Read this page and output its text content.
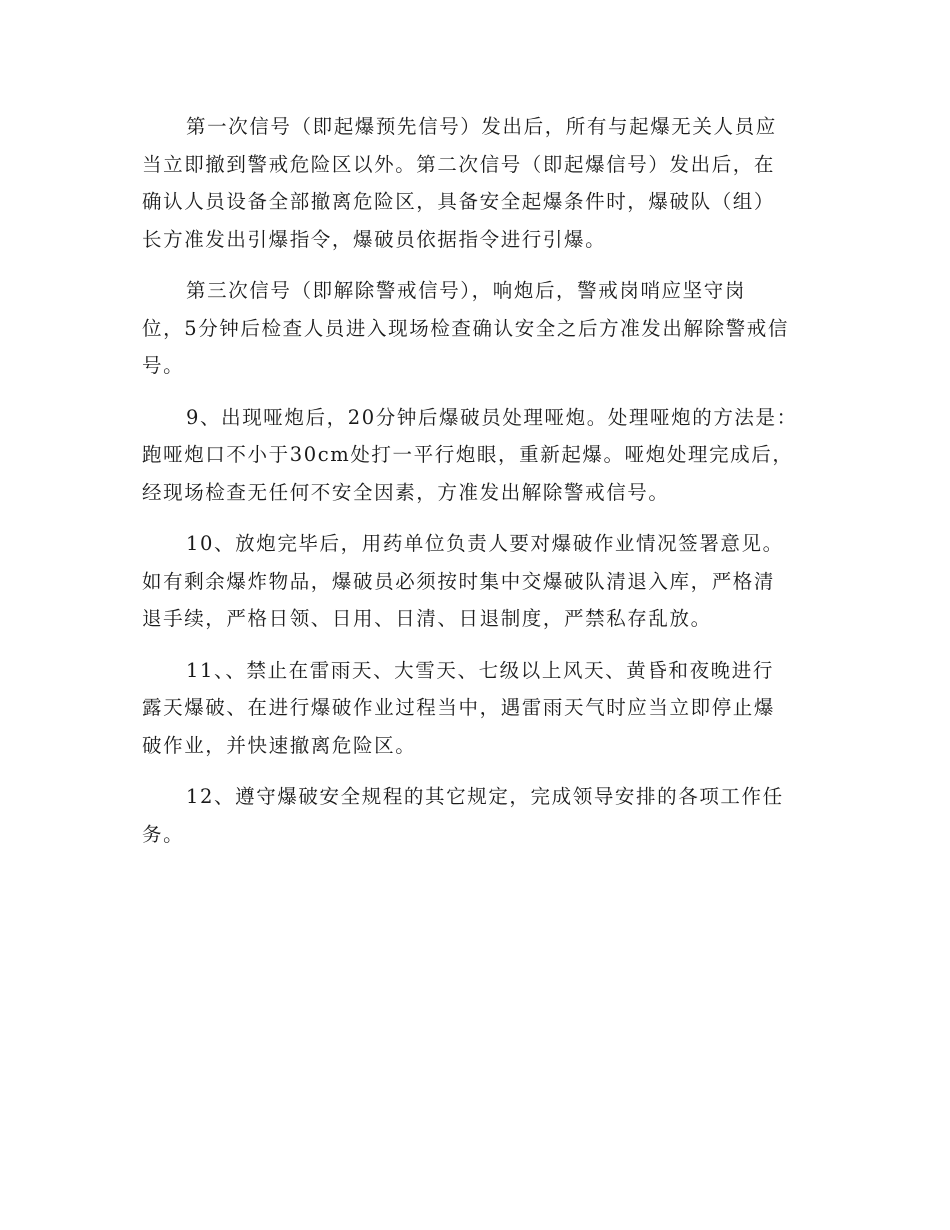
第一次信号（即起爆预先信号）发出后，所有与起爆无关人员应
当立即撤到警戒危险区以外。第二次信号（即起爆信号）发出后，在
确认人员设备全部撤离危险区，具备安全起爆条件时，爆破队（组）
长方准发出引爆指令，爆破员依据指令进行引爆。

第三次信号（即解除警戒信号），响炮后，警戒岗哨应坚守岗
位，5分钟后检查人员进入现场检查确认安全之后方准发出解除警戒信
号。

9、出现哑炮后，20分钟后爆破员处理哑炮。处理哑炮的方法是：
跑哑炮口不小于30cm处打一平行炮眼，重新起爆。哑炮处理完成后，
经现场检查无任何不安全因素，方准发出解除警戒信号。

10、放炮完毕后，用药单位负责人要对爆破作业情况签署意见。
如有剩余爆炸物品，爆破员必须按时集中交爆破队清退入库，严格清
退手续，严格日领、日用、日清、日退制度，严禁私存乱放。

11、、禁止在雷雨天、大雪天、七级以上风天、黄昏和夜晚进行
露天爆破、在进行爆破作业过程当中，遇雷雨天气时应当立即停止爆
破作业，并快速撤离危险区。

12、遵守爆破安全规程的其它规定，完成领导安排的各项工作任
务。
